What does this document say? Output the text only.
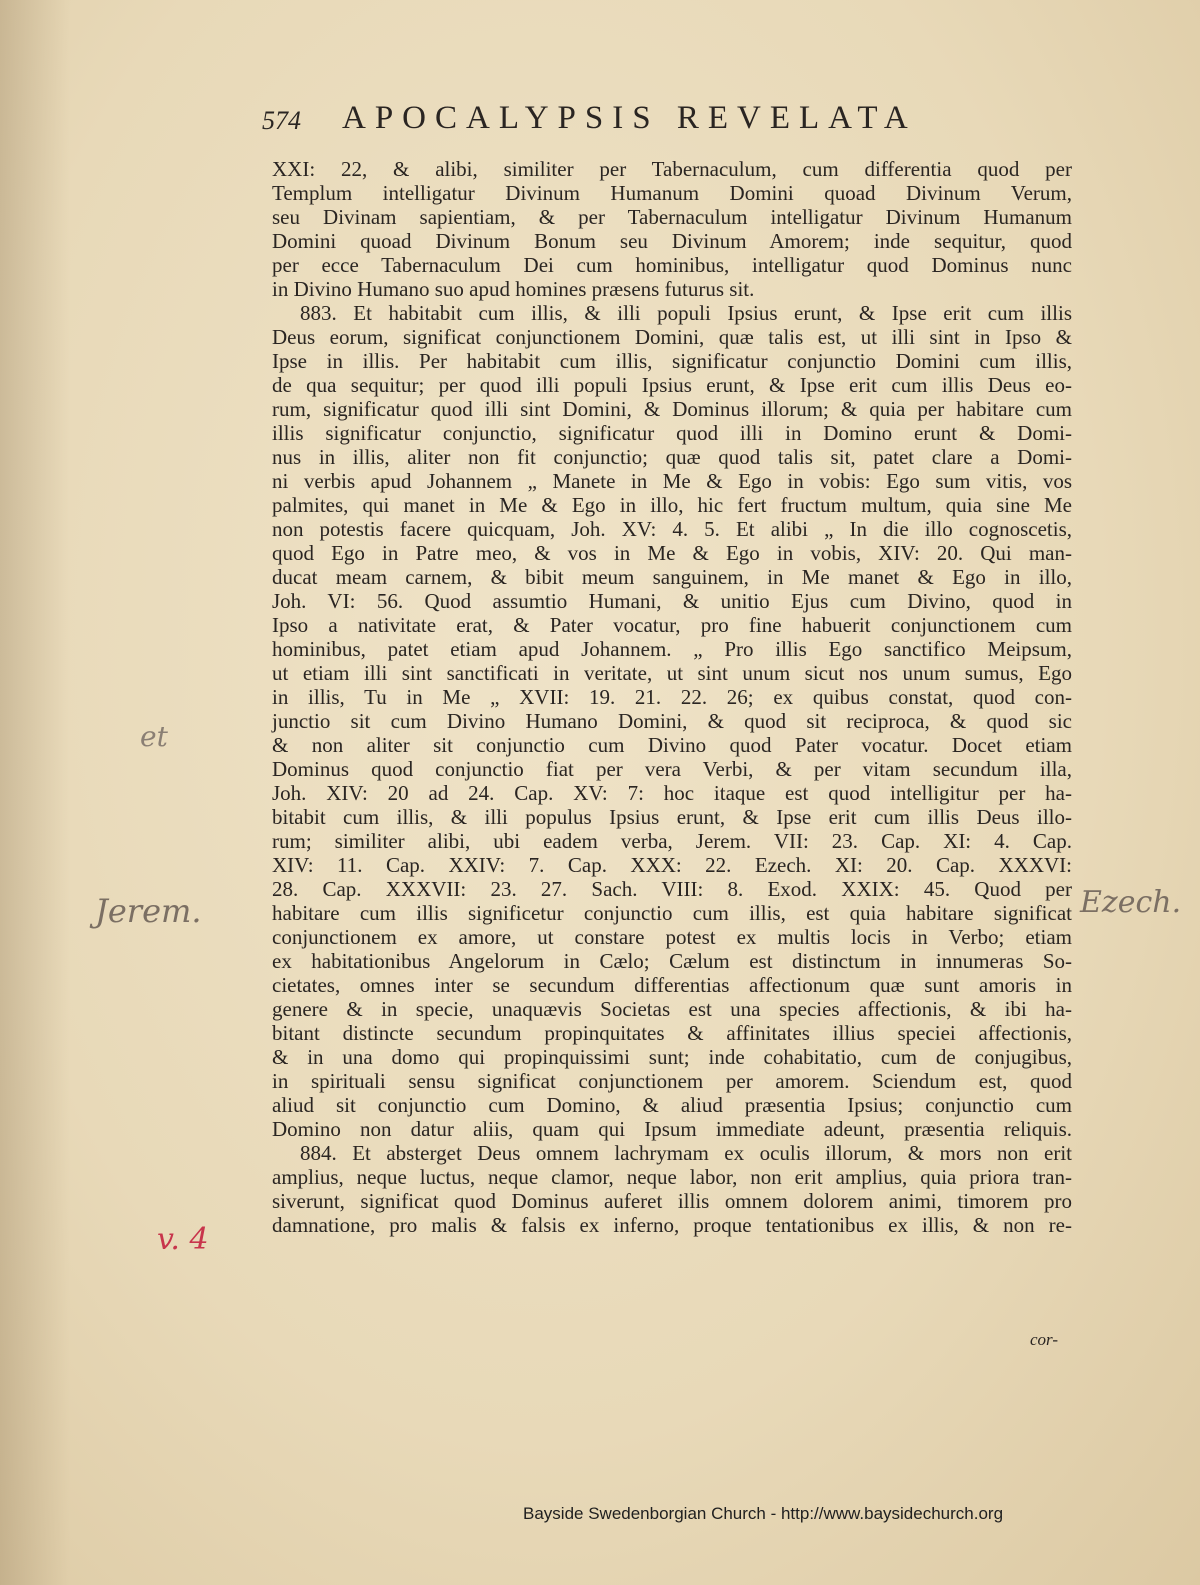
574 APOCALYPSIS REVELATA
XXI: 22, & alibi, similiter per Tabernaculum, cum differentia quod per
Templum intelligatur Divinum Humanum Domini quoad Divinum Verum,
seu Divinam sapientiam, & per Tabernaculum intelligatur Divinum Humanum
Domini quoad Divinum Bonum seu Divinum Amorem; inde sequitur, quod
per ecce Tabernaculum Dei cum hominibus, intelligatur quod Dominus nunc
in Divino Humano suo apud homines præsens futurus sit.
883. Et habitabit cum illis, & illi populi Ipsius erunt, & Ipse erit cum illis
Deus eorum, significat conjunctionem Domini, quæ talis est, ut illi sint in Ipso &
Ipse in illis. Per habitabit cum illis, significatur conjunctio Domini cum illis,
de qua sequitur; per quod illi populi Ipsius erunt, & Ipse erit cum illis Deus eo-
rum, significatur quod illi sint Domini, & Dominus illorum; & quia per habitare cum
illis significatur conjunctio, significatur quod illi in Domino erunt & Domi-
nus in illis, aliter non fit conjunctio; quæ quod talis sit, patet clare a Domi-
ni verbis apud Johannem „ Manete in Me & Ego in vobis: Ego sum vitis, vos
palmites, qui manet in Me & Ego in illo, hic fert fructum multum, quia sine Me
non potestis facere quicquam, Joh. XV: 4. 5. Et alibi „ In die illo cognoscetis,
quod Ego in Patre meo, & vos in Me & Ego in vobis, XIV: 20. Qui man-
ducat meam carnem, & bibit meum sanguinem, in Me manet & Ego in illo,
Joh. VI: 56. Quod assumtio Humani, & unitio Ejus cum Divino, quod in
Ipso a nativitate erat, & Pater vocatur, pro fine habuerit conjunctionem cum
hominibus, patet etiam apud Johannem. „ Pro illis Ego sanctifico Meipsum,
ut etiam illi sint sanctificati in veritate, ut sint unum sicut nos unum sumus, Ego
in illis, Tu in Me „ XVII: 19. 21. 22. 26; ex quibus constat, quod con-
junctio sit cum Divino Humano Domini, & quod sit reciproca, & quod sic
& non aliter sit conjunctio cum Divino quod Pater vocatur. Docet etiam
Dominus quod conjunctio fiat per vera Verbi, & per vitam secundum illa,
Joh. XIV: 20 ad 24. Cap. XV: 7: hoc itaque est quod intelligitur per ha-
bitabit cum illis, & illi populus Ipsius erunt, & Ipse erit cum illis Deus illo-
rum; similiter alibi, ubi eadem verba, Jerem. VII: 23. Cap. XI: 4. Cap.
XIV: 11. Cap. XXIV: 7. Cap. XXX: 22. Ezech. XI: 20. Cap. XXXVI:
28. Cap. XXXVII: 23. 27. Sach. VIII: 8. Exod. XXIX: 45. Quod per
habitare cum illis significetur conjunctio cum illis, est quia habitare significat
conjunctionem ex amore, ut constare potest ex multis locis in Verbo; etiam
ex habitationibus Angelorum in Cælo; Cælum est distinctum in innumeras So-
cietates, omnes inter se secundum differentias affectionum quæ sunt amoris in
genere & in specie, unaquævis Societas est una species affectionis, & ibi ha-
bitant distincte secundum propinquitates & affinitates illius speciei affectionis,
& in una domo qui propinquissimi sunt; inde cohabitatio, cum de conjugibus,
in spirituali sensu significat conjunctionem per amorem. Sciendum est, quod
aliud sit conjunctio cum Domino, & aliud præsentia Ipsius; conjunctio cum
Domino non datur aliis, quam qui Ipsum immediate adeunt, præsentia reliquis.
884. Et absterget Deus omnem lachrymam ex oculis illorum, & mors non erit
amplius, neque luctus, neque clamor, neque labor, non erit amplius, quia priora tran-
siverunt, significat quod Dominus auferet illis omnem dolorem animi, timorem pro
damnatione, pro malis & falsis ex inferno, proque tentationibus ex illis, & non re-
cor-
et
Jerem.	Ezech.
v. 4
Bayside Swedenborgian Church - http://www.baysidechurch.org
